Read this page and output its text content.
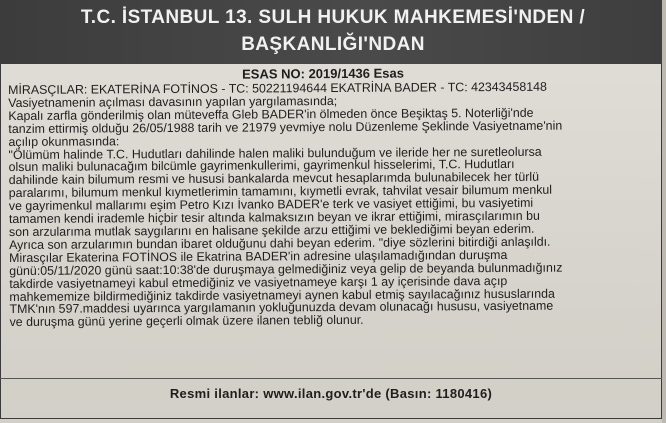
T.C. İSTANBUL 13. SULH HUKUK MAHKEMESİ'NDEN /
BAŞKANLIĞI'NDAN
ESAS NO: 2019/1436 Esas
MİRASÇILAR: EKATERİNA FOTİNOS - TC: 50221194644 EKATRİNA BADER - TC: 42343458148
Vasiyetnamenin açılması davasının yapılan yargılamasında;
Kapalı zarfla gönderilmiş olan müteveffa Gleb BADER'in ölmeden önce Beşiktaş 5. Noterliği'nde
tanzim ettirmiş olduğu 26/05/1988 tarih ve 21979 yevmiye nolu Düzenleme Şeklinde Vasiyetname'nin
açılıp okunmasında:
"Ölümüm halinde T.C. Hudutları dahilinde halen maliki bulunduğum ve ileride her ne suretleolursa
olsun maliki bulunacağım bilcümle gayrimenkullerimi, gayrimenkul hisselerimi, T.C. Hudutları
dahilinde kain bilumum resmi ve hususi bankalarda mevcut hesaplarımda bulunabilecek her türlü
paralarımı, bilumum menkul kıymetlerimin tamamını, kıymetli evrak, tahvilat vesair bilumum menkul
ve gayrimenkul mallarımı eşim Petro Kızı İvanko BADER'e terk ve vasiyet ettiğimi, bu vasiyetimi
tamamen kendi irademle hiçbir tesir altında kalmaksızın beyan ve ikrar ettiğimi, mirasçılarımın bu
son arzularıma mutlak saygılarını en halisane şekilde arzu ettiğimi ve beklediğimi beyan ederim.
Ayrıca son arzularımın bundan ibaret olduğunu dahi beyan ederim. "diye sözlerini bitirdiği anlaşıldı.
Mirasçılar Ekaterina FOTİNOS ile Ekatrina BADER'in adresine ulaşılamadığından duruşma
günü:05/11/2020 günü saat:10:38'de duruşmaya gelmediğiniz veya gelip de beyanda bulunmadığınız
takdirde vasiyetnameyi kabul etmediğiniz ve vasiyetnameye karşı 1 ay içerisinde dava açıp
mahkememize bildirmediğiniz takdirde vasiyetnameyi aynen kabul etmiş sayılacağınız hususlarında
TMK'nın 597.maddesi uyarınca yargılamanın yokluğunuzda devam olunacağı hususu, vasiyetname
ve duruşma günü yerine geçerli olmak üzere ilanen tebliğ olunur.
Resmi ilanlar: www.ilan.gov.tr'de (Basın: 1180416)
